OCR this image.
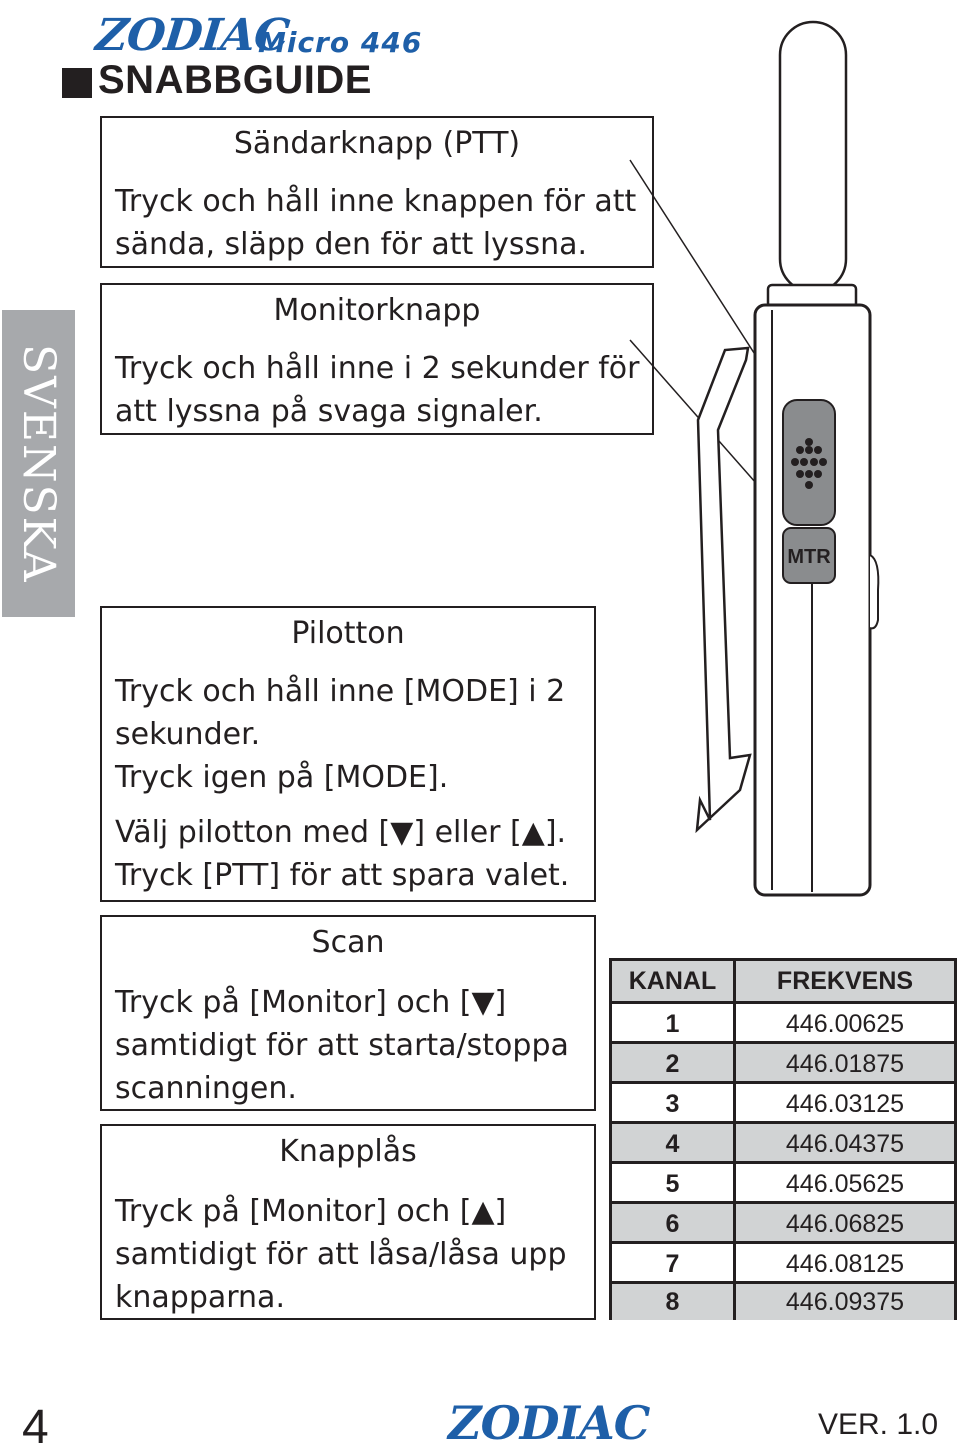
ZODIAC
Micro 446
SNABBGUIDE
SVENSKA
Sändarknapp (PTT)
Tryck och håll inne knappen för att
sända, släpp den för att lyssna.
Monitorknapp
Tryck och håll inne i 2 sekunder för
att lyssna på svaga signaler.
Pilotton
Tryck och håll inne [MODE] i 2
sekunder.
Tryck igen på [MODE].
Välj pilotton med [▼] eller [▲].
Tryck [PTT] för att spara valet.
Scan
Tryck på [Monitor] och [▼]
samtidigt för att starta/stoppa
scanningen.
Knapplås
Tryck på [Monitor] och [▲]
samtidigt för att låsa/låsa upp
knapparna.
MTR
KANAL	FREKVENS
1	446.00625
2	446.01875
3	446.03125
4	446.04375
5	446.05625
6	446.06825
7	446.08125
8	446.09375
4	ZODIAC	VER. 1.0
